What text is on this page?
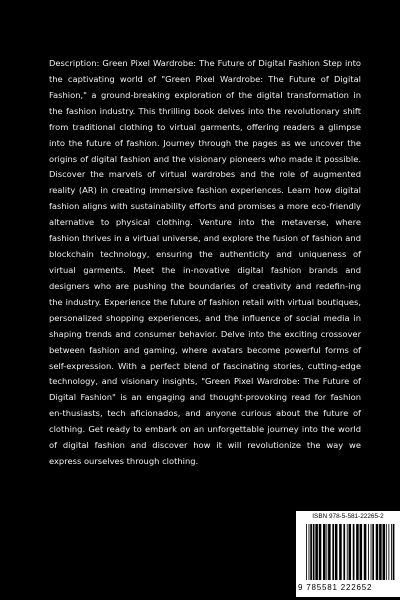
Description: Green Pixel Wardrobe: The Future of Digital Fashion Step into the captivating world of "Green Pixel Wardrobe: The Future of Digital Fashion," a ground-breaking exploration of the digital transformation in the fashion industry. This thrilling book delves into the revolutionary shift from traditional clothing to virtual garments, offering readers a glimpse into the future of fashion. Journey through the pages as we uncover the origins of digital fashion and the visionary pioneers who made it possible. Discover the marvels of virtual wardrobes and the role of augmented reality (AR) in creating immersive fashion experiences. Learn how digital fashion aligns with sustainability efforts and promises a more eco-friendly alternative to physical clothing. Venture into the metaverse, where fashion thrives in a virtual universe, and explore the fusion of fashion and blockchain technology, ensuring the authenticity and uniqueness of virtual garments. Meet the in-novative digital fashion brands and designers who are pushing the boundaries of creativity and redefin-ing the industry. Experience the future of fashion retail with virtual boutiques, personalized shopping experiences, and the influence of social media in shaping trends and consumer behavior. Delve into the exciting crossover between fashion and gaming, where avatars become powerful forms of self-expression. With a perfect blend of fascinating stories, cutting-edge technology, and visionary insights, "Green Pixel Wardrobe: The Future of Digital Fashion" is an engaging and thought-provoking read for fashion en-thusiasts, tech aficionados, and anyone curious about the future of clothing. Get ready to embark on an unforgettable journey into the world of digital fashion and discover how it will revolutionize the way we express ourselves through clothing.

ISBN 978-5-581-22265-2

9 785581 222652
